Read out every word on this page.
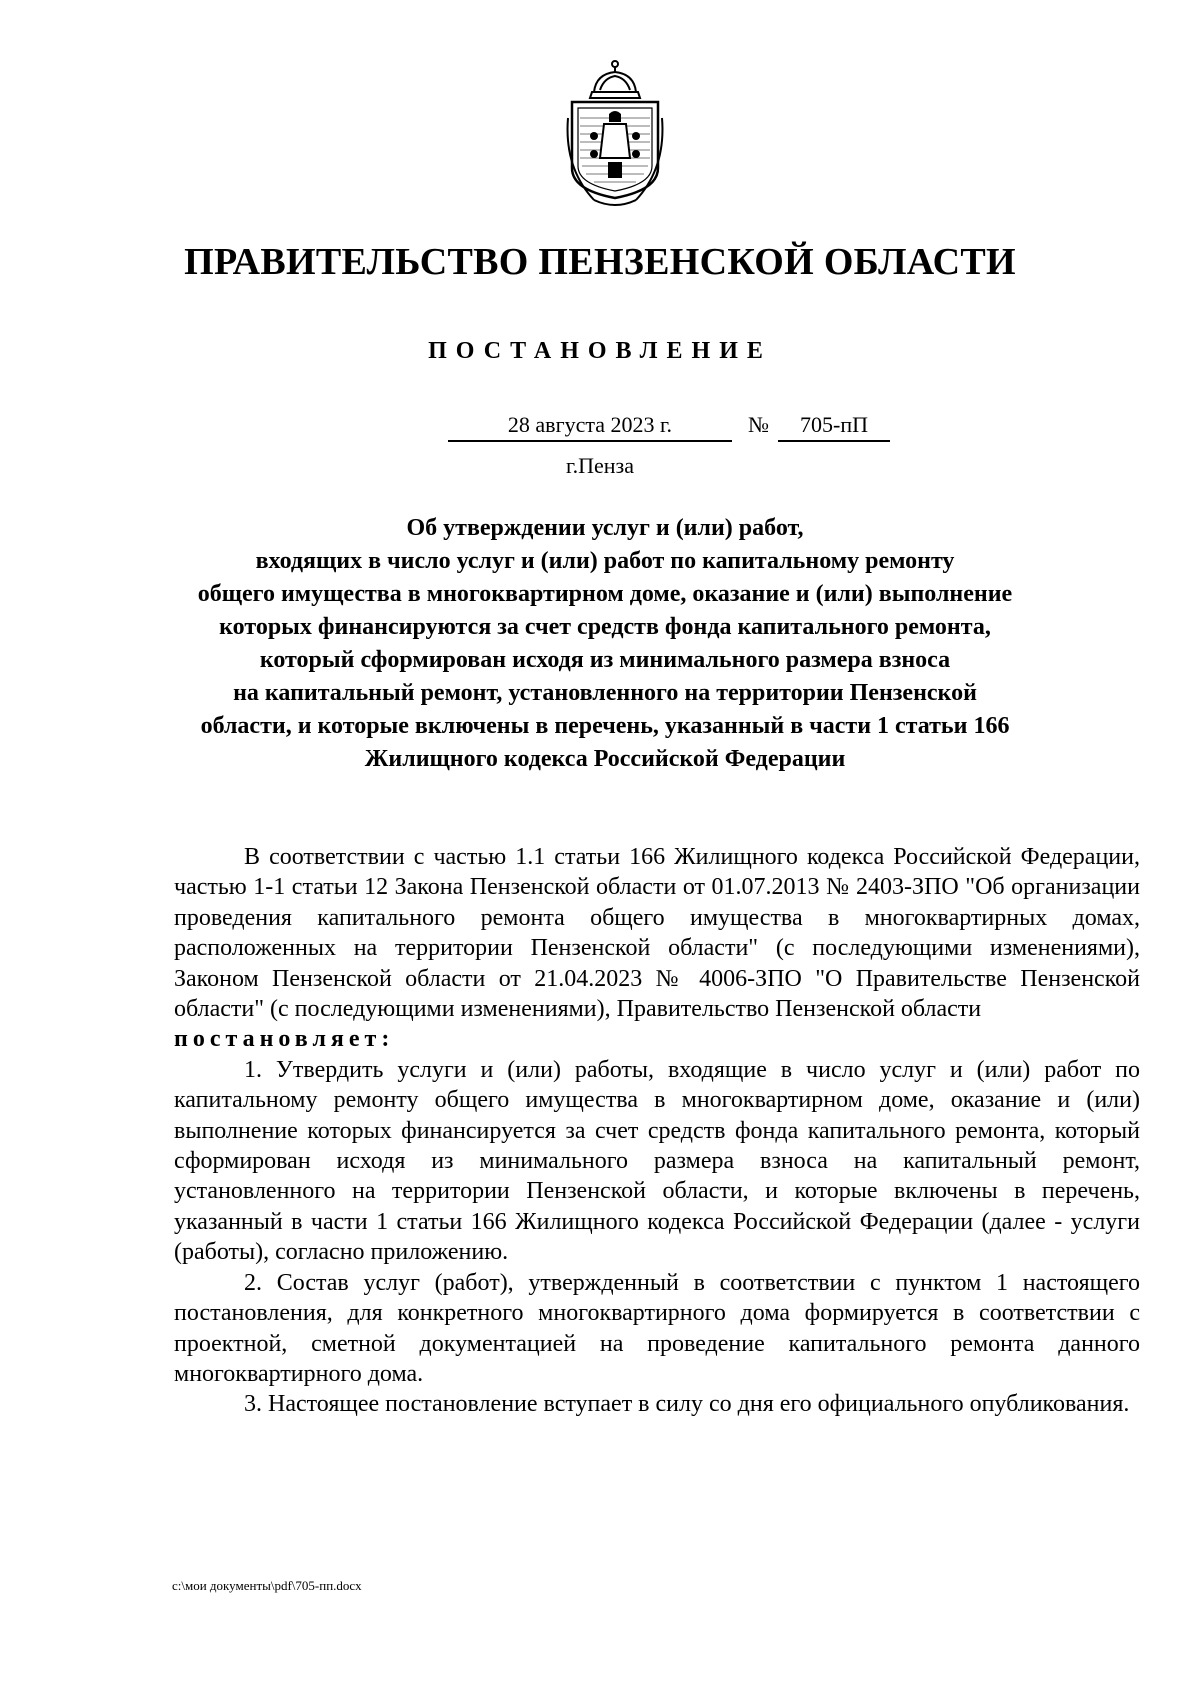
ПРАВИТЕЛЬСТВО ПЕНЗЕНСКОЙ ОБЛАСТИ
ПОСТАНОВЛЕНИЕ
28 августа 2023 г.	№	705-пП
г.Пенза
Об утверждении услуг и (или) работ,
входящих в число услуг и (или) работ по капитальному ремонту
общего имущества в многоквартирном доме, оказание и (или) выполнение
которых финансируются за счет средств фонда капитального ремонта,
который сформирован исходя из минимального размера взноса
на капитальный ремонт, установленного на территории Пензенской
области, и которые включены в перечень, указанный в части 1 статьи 166
Жилищного кодекса Российской Федерации

В соответствии с частью 1.1 статьи 166 Жилищного кодекса Российской Федерации, частью 1-1 статьи 12 Закона Пензенской области от 01.07.2013 № 2403-ЗПО "Об организации проведения капитального ремонта общего имущества в многоквартирных домах, расположенных на территории Пензенской области" (с последующими изменениями), Законом Пензенской области от 21.04.2023 № 4006-ЗПО "О Правительстве Пензенской области" (с последующими изменениями), Правительство Пензенской области

постановляет:

1. Утвердить услуги и (или) работы, входящие в число услуг и (или) работ по капитальному ремонту общего имущества в многоквартирном доме, оказание и (или) выполнение которых финансируется за счет средств фонда капитального ремонта, который сформирован исходя из минимального размера взноса на капитальный ремонт, установленного на территории Пензенской области, и которые включены в перечень, указанный в части 1 статьи 166 Жилищного кодекса Российской Федерации (далее - услуги (работы), согласно приложению.

2. Состав услуг (работ), утвержденный в соответствии с пунктом 1 настоящего постановления, для конкретного многоквартирного дома формируется в соответствии с проектной, сметной документацией на проведение капитального ремонта данного многоквартирного дома.

3. Настоящее постановление вступает в силу со дня его официального опубликования.

c:\мои документы\pdf\705-пп.docx
